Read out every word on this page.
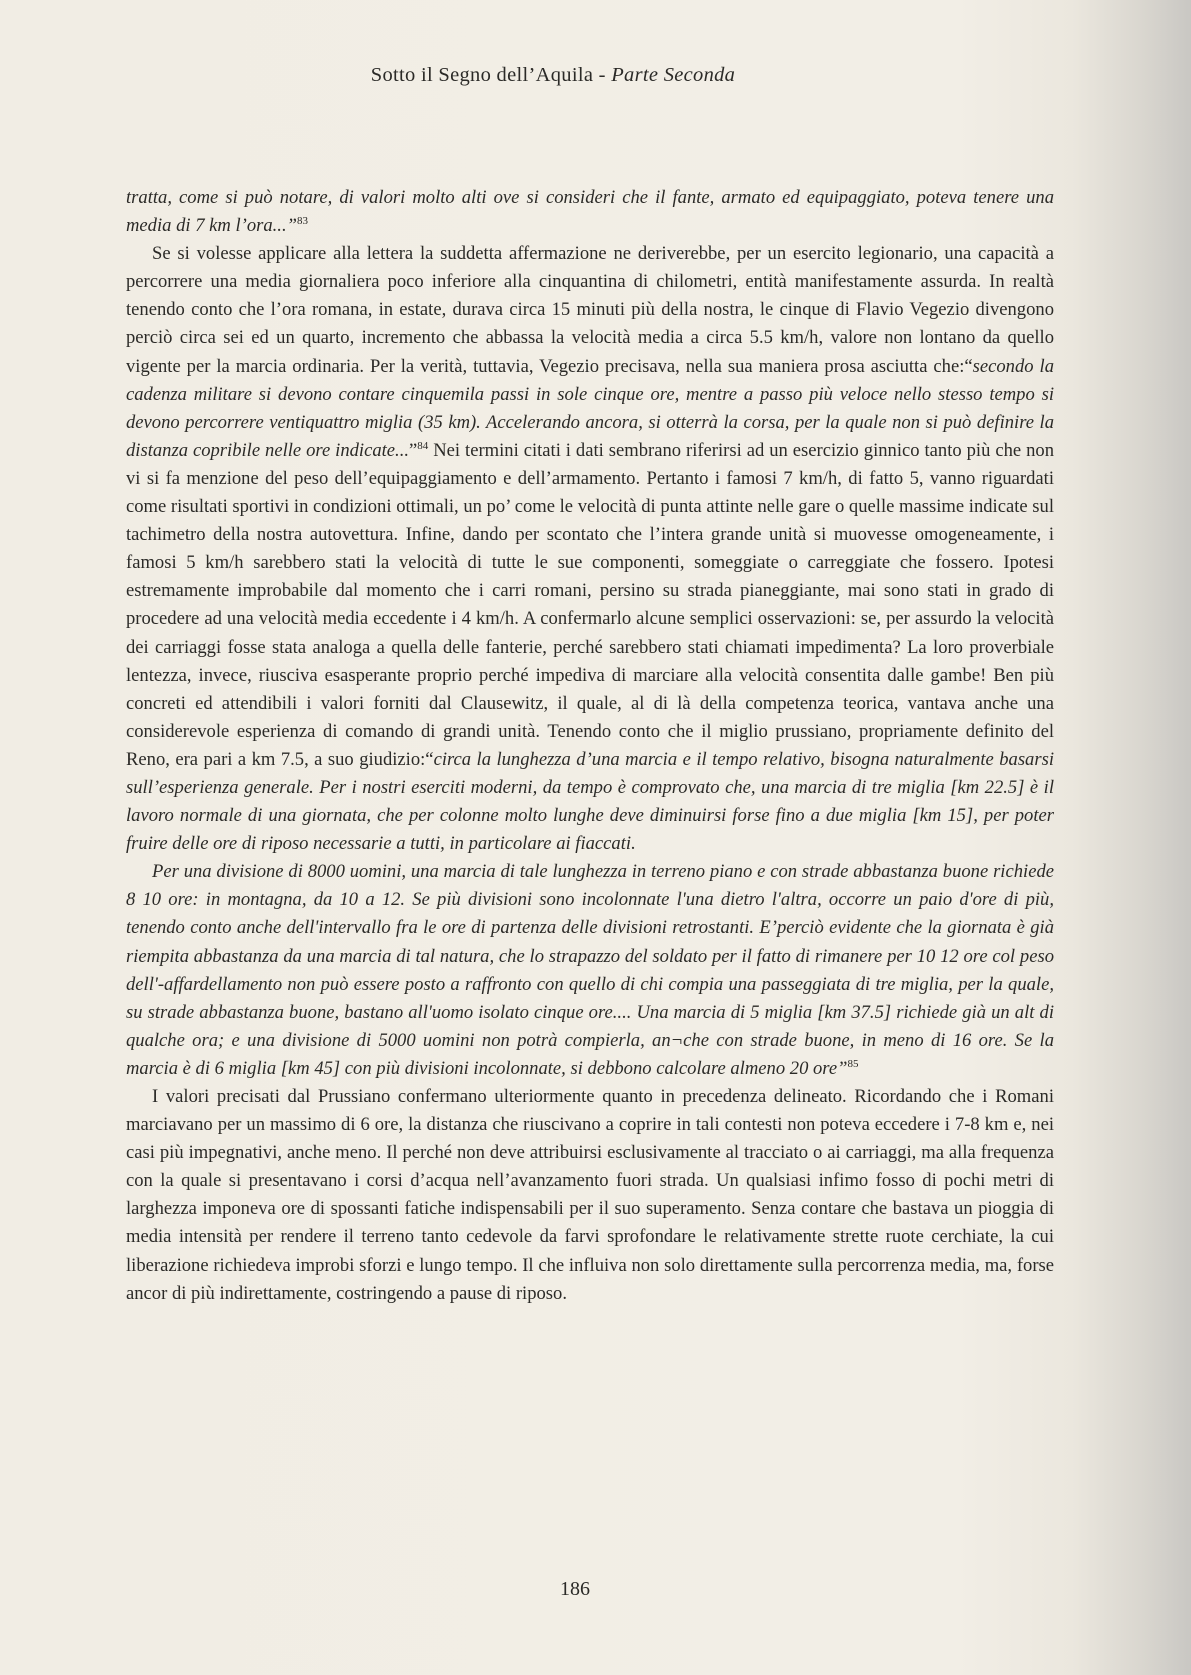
Sotto il Segno dell’Aquila - Parte Seconda

tratta, come si può notare, di valori molto alti ove si consideri che il fante, armato ed equipaggiato, poteva tenere una media di 7 km l’ora...”$^{83}$

Se si volesse applicare alla lettera la suddetta affermazione ne deriverebbe, per un esercito legionario, una capacità a percorrere una media giornaliera poco inferiore alla cinquantina di chilometri, entità manifestamente assurda. In realtà tenendo conto che l’ora romana, in estate, durava circa 15 minuti più della nostra, le cinque di Flavio Vegezio divengono perciò circa sei ed un quarto, incremento che abbassa la velocità media a circa 5.5 km/h, valore non lontano da quello vigente per la marcia ordinaria. Per la verità, tuttavia, Vegezio precisava, nella sua maniera prosa asciutta che:“secondo la cadenza militare si devono contare cinquemila passi in sole cinque ore, mentre a passo più veloce nello stesso tempo si devono percorrere ventiquattro miglia (35 km). Accelerando ancora, si otterrà la corsa, per la quale non si può definire la distanza copribile nelle ore indicate...”$^{84}$ Nei termini citati i dati sembrano riferirsi ad un esercizio ginnico tanto più che non vi si fa menzione del peso dell’equipaggiamento e dell’armamento. Pertanto i famosi 7 km/h, di fatto 5, vanno riguardati come risultati sportivi in condizioni ottimali, un po’ come le velocità di punta attinte nelle gare o quelle massime indicate sul tachimetro della nostra autovettura. Infine, dando per scontato che l’intera grande unità si muovesse omogeneamente, i famosi 5 km/h sarebbero stati la velocità di tutte le sue componenti, someggiate o carreggiate che fossero. Ipotesi estremamente improbabile dal momento che i carri romani, persino su strada pianeggiante, mai sono stati in grado di procedere ad una velocità media eccedente i 4 km/h. A confermarlo alcune semplici osservazioni: se, per assurdo la velocità dei carriaggi fosse stata analoga a quella delle fanterie, perché sarebbero stati chiamati impedimenta? La loro proverbiale lentezza, invece, riusciva esasperante proprio perché impediva di marciare alla velocità consentita dalle gambe! Ben più concreti ed attendibili i valori forniti dal Clausewitz, il quale, al di là della competenza teorica, vantava anche una considerevole esperienza di comando di grandi unità. Tenendo conto che il miglio prussiano, propriamente definito del Reno, era pari a km 7.5, a suo giudizio:“circa la lunghezza d’una marcia e il tempo relativo, bisogna naturalmente basarsi sull’esperienza generale. Per i nostri eserciti moderni, da tempo è comprovato che, una marcia di tre miglia [km 22.5] è il lavoro normale di una giornata, che per colonne molto lunghe deve diminuirsi forse fino a due miglia [km 15], per poter fruire delle ore di riposo necessarie a tutti, in particolare ai fiaccati.

Per una divisione di 8000 uomini, una marcia di tale lunghezza in terreno piano e con strade abbastanza buone richiede 8 10 ore: in montagna, da 10 a 12. Se più divisioni sono incolonnate l'una dietro l'altra, occorre un paio d'ore di più, tenendo conto anche dell'intervallo fra le ore di partenza delle divisioni retrostanti. E’perciò evidente che la giornata è già riempita abbastanza da una marcia di tal natura, che lo strapazzo del soldato per il fatto di rimanere per 10 12 ore col peso dell'-affardellamento non può essere posto a raffronto con quello di chi compia una passeggiata di tre miglia, per la quale, su strade abbastanza buone, bastano all'uomo isolato cinque ore.... Una marcia di 5 miglia [km 37.5] richiede già un alt di qualche ora; e una divisione di 5000 uomini non potrà compierla, an¬che con strade buone, in meno di 16 ore. Se la marcia è di 6 miglia [km 45] con più divisioni incolonnate, si debbono calcolare almeno 20 ore”$^{85}$

I valori precisati dal Prussiano confermano ulteriormente quanto in precedenza delineato. Ricordando che i Romani marciavano per un massimo di 6 ore, la distanza che riuscivano a coprire in tali contesti non poteva eccedere i 7-8 km e, nei casi più impegnativi, anche meno. Il perché non deve attribuirsi esclusivamente al tracciato o ai carriaggi, ma alla frequenza con la quale si presentavano i corsi d’acqua nell’avanzamento fuori strada. Un qualsiasi infimo fosso di pochi metri di larghezza imponeva ore di spossanti fatiche indispensabili per il suo superamento. Senza contare che bastava un pioggia di media intensità per rendere il terreno tanto cedevole da farvi sprofondare le relativamente strette ruote cerchiate, la cui liberazione richiedeva improbi sforzi e lungo tempo. Il che influiva non solo direttamente sulla percorrenza media, ma, forse ancor di più indirettamente, costringendo a pause di riposo.

186
